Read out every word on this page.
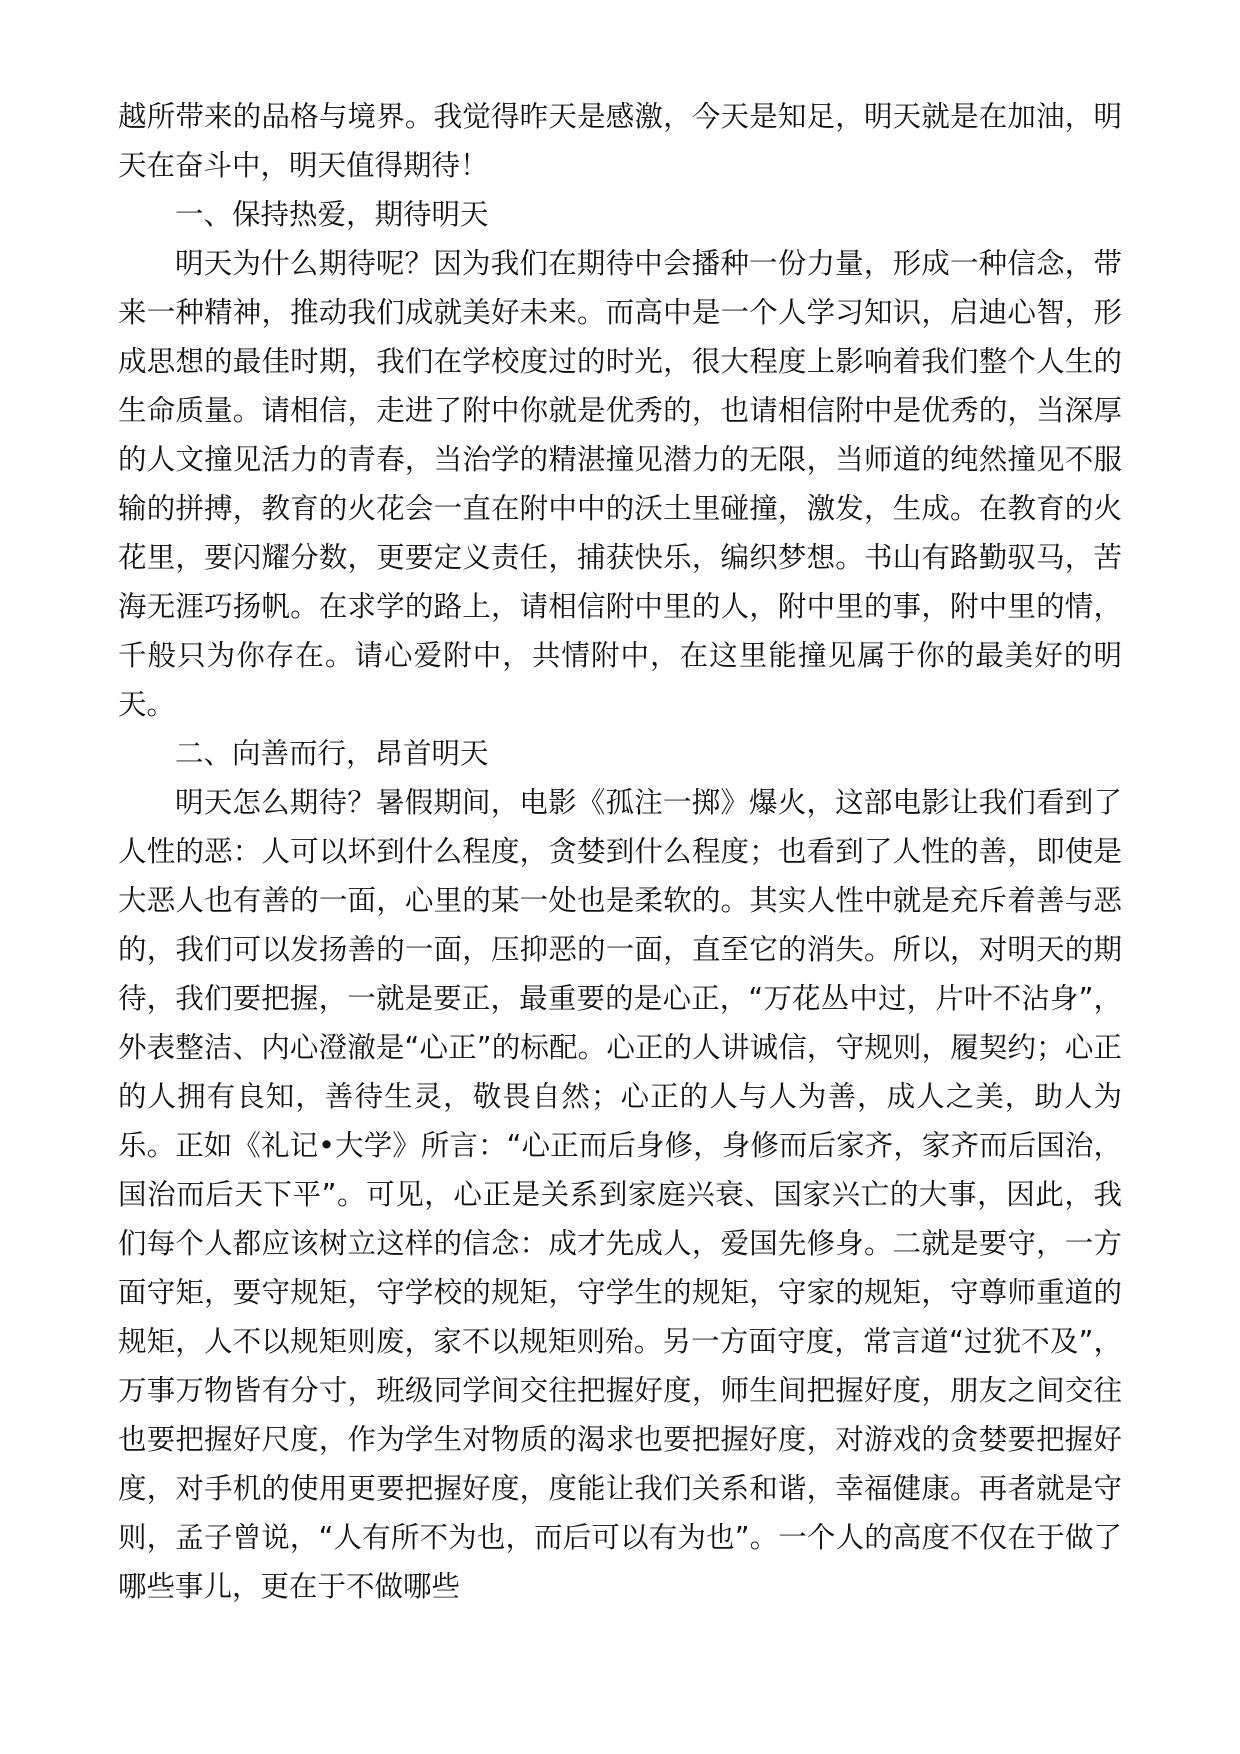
越所带来的品格与境界。我觉得昨天是感激，今天是知足，明天就是在加油，明天在奋斗中，明天值得期待！

一、保持热爱，期待明天

明天为什么期待呢？因为我们在期待中会播种一份力量，形成一种信念，带来一种精神，推动我们成就美好未来。而高中是一个人学习知识，启迪心智，形成思想的最佳时期，我们在学校度过的时光，很大程度上影响着我们整个人生的生命质量。请相信，走进了附中你就是优秀的，也请相信附中是优秀的，当深厚的人文撞见活力的青春，当治学的精湛撞见潜力的无限，当师道的纯然撞见不服输的拼搏，教育的火花会一直在附中中的沃土里碰撞，激发，生成。在教育的火花里，要闪耀分数，更要定义责任，捕获快乐，编织梦想。书山有路勤驭马，苦海无涯巧扬帆。在求学的路上，请相信附中里的人，附中里的事，附中里的情，千般只为你存在。请心爱附中，共情附中，在这里能撞见属于你的最美好的明天。

二、向善而行，昂首明天

明天怎么期待？暑假期间，电影《孤注一掷》爆火，这部电影让我们看到了人性的恶：人可以坏到什么程度，贪婪到什么程度；也看到了人性的善，即使是大恶人也有善的一面，心里的某一处也是柔软的。其实人性中就是充斥着善与恶的，我们可以发扬善的一面，压抑恶的一面，直至它的消失。所以，对明天的期待，我们要把握，一就是要正，最重要的是心正，“万花丛中过，片叶不沾身”，外表整洁、内心澄澈是“心正”的标配。心正的人讲诚信，守规则，履契约；心正的人拥有良知，善待生灵，敬畏自然；心正的人与人为善，成人之美，助人为乐。正如《礼记•大学》所言：“心正而后身修，身修而后家齐，家齐而后国治，国治而后天下平”。可见，心正是关系到家庭兴衰、国家兴亡的大事，因此，我们每个人都应该树立这样的信念：成才先成人，爱国先修身。二就是要守，一方面守矩，要守规矩，守学校的规矩，守学生的规矩，守家的规矩，守尊师重道的规矩，人不以规矩则废，家不以规矩则殆。另一方面守度，常言道“过犹不及”，万事万物皆有分寸，班级同学间交往把握好度，师生间把握好度，朋友之间交往也要把握好尺度，作为学生对物质的渴求也要把握好度，对游戏的贪婪要把握好度，对手机的使用更要把握好度，度能让我们关系和谐，幸福健康。再者就是守则，孟子曾说，“人有所不为也，而后可以有为也”。一个人的高度不仅在于做了哪些事儿，更在于不做哪些
